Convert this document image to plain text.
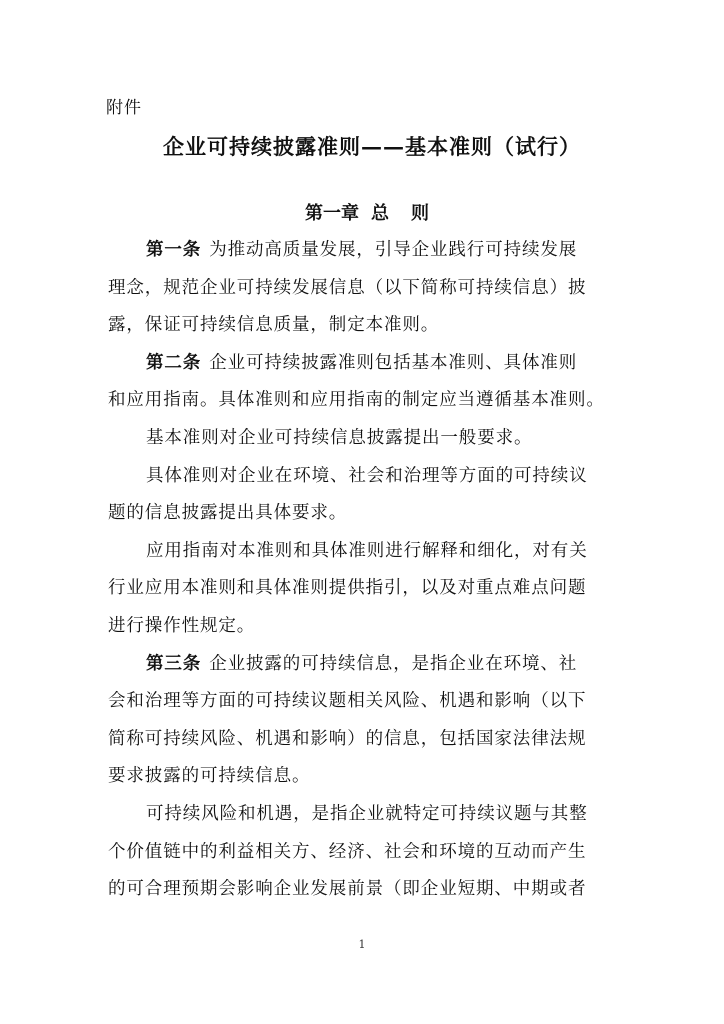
附件
企业可持续披露准则——基本准则（试行）
第一章 总 则
第一条 为推动高质量发展，引导企业践行可持续发展
理念，规范企业可持续发展信息（以下简称可持续信息）披
露，保证可持续信息质量，制定本准则。
第二条 企业可持续披露准则包括基本准则、具体准则
和应用指南。具体准则和应用指南的制定应当遵循基本准则。
基本准则对企业可持续信息披露提出一般要求。
具体准则对企业在环境、社会和治理等方面的可持续议
题的信息披露提出具体要求。
应用指南对本准则和具体准则进行解释和细化，对有关
行业应用本准则和具体准则提供指引，以及对重点难点问题
进行操作性规定。
第三条 企业披露的可持续信息，是指企业在环境、社
会和治理等方面的可持续议题相关风险、机遇和影响（以下
简称可持续风险、机遇和影响）的信息，包括国家法律法规
要求披露的可持续信息。
可持续风险和机遇，是指企业就特定可持续议题与其整
个价值链中的利益相关方、经济、社会和环境的互动而产生
的可合理预期会影响企业发展前景（即企业短期、中期或者
1
